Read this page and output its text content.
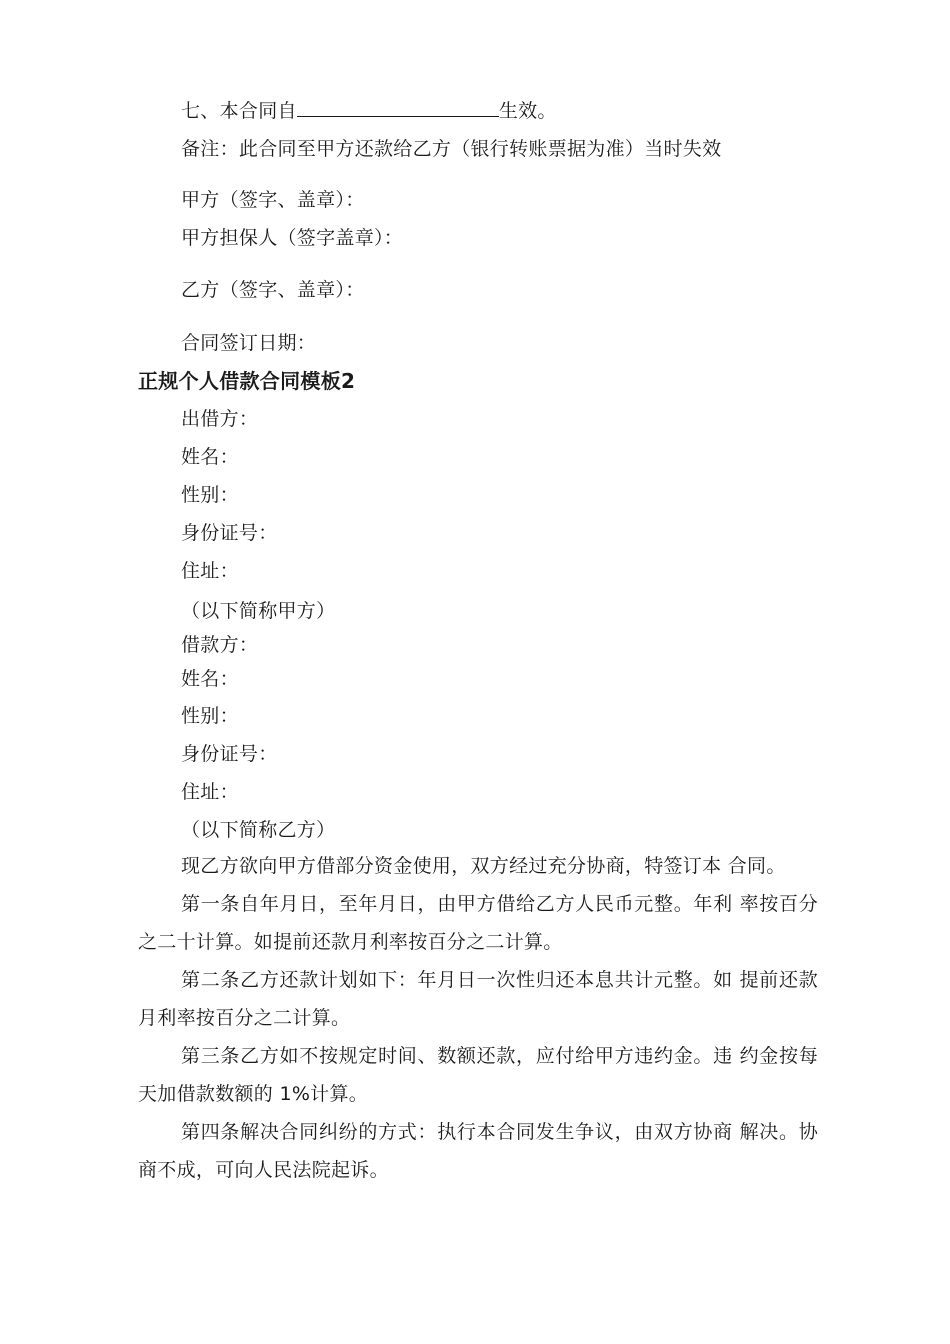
七、本合同自	生效。
备注：此合同至甲方还款给乙方（银行转账票据为准）当时失效
甲方（签字、盖章）：
甲方担保人（签字盖章）：
乙方（签字、盖章）：
合同签订日期：
正规个人借款合同模板2
出借方：
姓名：
性别：
身份证号：
住址：
（以下简称甲方）
借款方：
姓名：
性别：
身份证号：
住址：
（以下简称乙方）
现乙方欲向甲方借部分资金使用，双方经过充分协商，特签订本 合同。
第一条自年月日，至年月日，由甲方借给乙方人民币元整。年利 率按百分之二十计算。如提前还款月利率按百分之二计算。
第二条乙方还款计划如下：年月日一次性归还本息共计元整。如 提前还款月利率按百分之二计算。
第三条乙方如不按规定时间、数额还款，应付给甲方违约金。违 约金按每天加借款数额的 1%计算。
第四条解决合同纠纷的方式：执行本合同发生争议，由双方协商 解决。协商不成，可向人民法院起诉。
